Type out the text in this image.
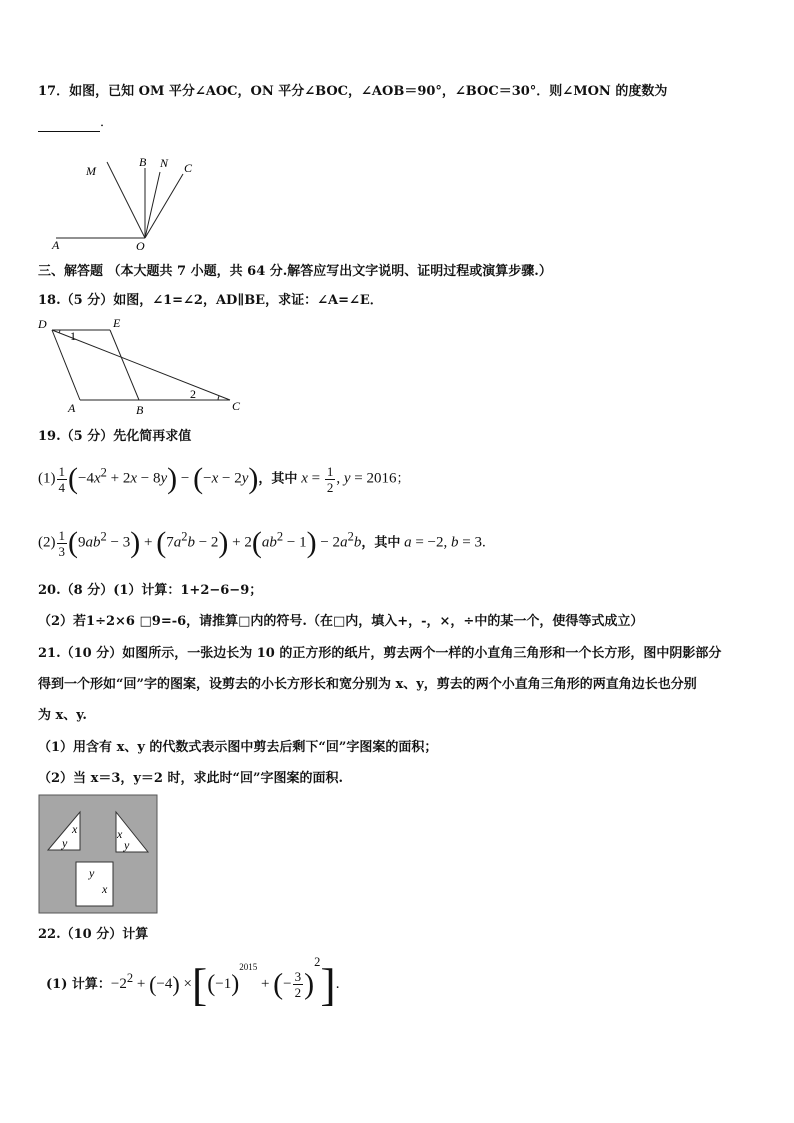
17．如图，已知 OM 平分∠AOC，ON 平分∠BOC，∠AOB＝90°，∠BOC＝30°．则∠MON 的度数为
．
M
B N C
A	O
D	E
A	B	C
1
2
x
y
x
y
y
x
三、解答题 （本大题共 7 小题，共 64 分.解答应写出文字说明、证明过程或演算步骤.）
18.（5 分）如图，∠1=∠2，AD∥BE，求证：∠A=∠E．
19.（5 分）先化简再求值
$(1) \frac{1}{4} (-4x^2 + 2x - 8y) - (-x - 2y)$，其中 $x = \frac{1}{2}$ , y = 2016；
$(2) \frac{1}{3} (9ab^2 - 3) + (7a^2b - 2) + 2(ab^2 - 1) - 2a^2b$，其中 a = −2, b = 3.
20.（8 分）(1）计算：1+2−6−9；
（2）若1÷2×6 □9=-6，请推算□内的符号.（在□内，填入+，-，×，÷中的某一个，使得等式成立）
21.（10 分）如图所示，一张边长为 10 的正方形的纸片，剪去两个一样的小直角三角形和一个长方形，图中阴影部分
得到一个形如“回”字的图案，设剪去的小长方形长和宽分别为 x、y，剪去的两个小直角三角形的两直角边长也分别
为 x、y.
（1）用含有 x、y 的代数式表示图中剪去后剩下“回”字图案的面积；
（2）当 x＝3，y＝2 时，求此时“回”字图案的面积.
22.（10 分）计算
(1) 计算：$-2^2 + (-4) \times[(-1)^{2015}$ + (− $\frac{3}{2} )^2$].
